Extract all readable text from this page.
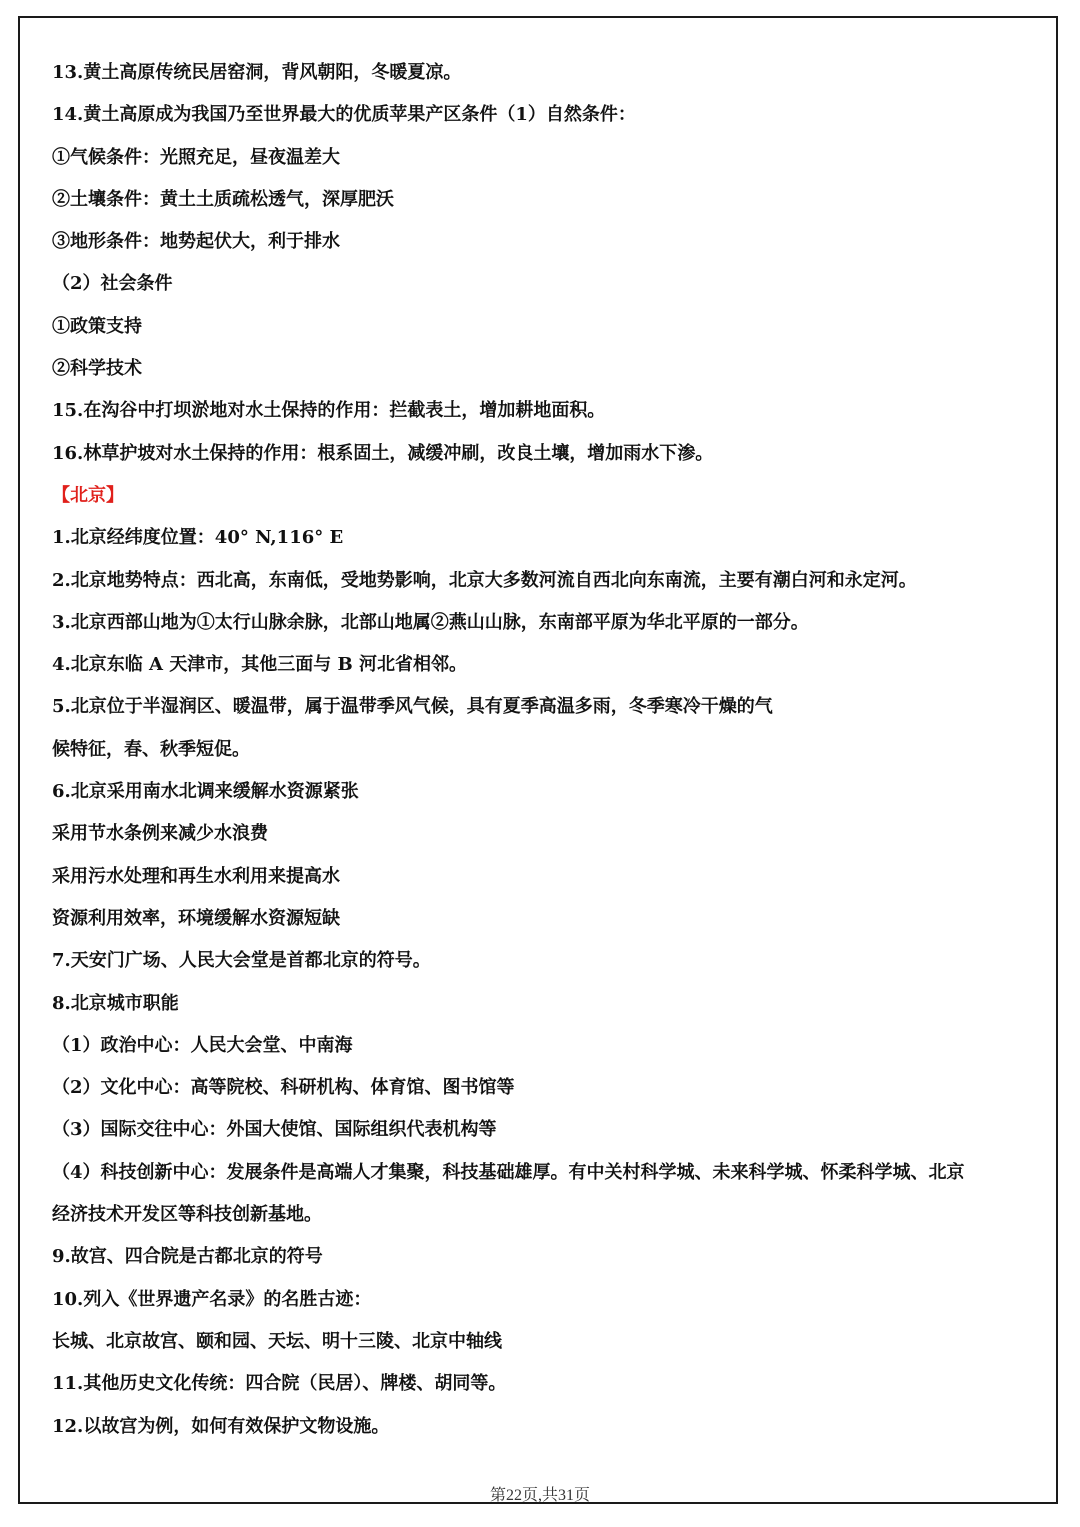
13.黄土高原传统民居窑洞，背风朝阳，冬暖夏凉。
14.黄土高原成为我国乃至世界最大的优质苹果产区条件（1）自然条件：
①气候条件：光照充足，昼夜温差大
②土壤条件：黄土土质疏松透气，深厚肥沃
③地形条件：地势起伏大，利于排水
（2）社会条件
①政策支持
②科学技术
15.在沟谷中打坝淤地对水土保持的作用：拦截表土，增加耕地面积。
16.林草护坡对水土保持的作用：根系固土，减缓冲刷，改良土壤，增加雨水下渗。
【北京】
1.北京经纬度位置：40° N,116° E
2.北京地势特点：西北高，东南低，受地势影响，北京大多数河流自西北向东南流，主要有潮白河和永定河。
3.北京西部山地为①太行山脉余脉，北部山地属②燕山山脉，东南部平原为华北平原的一部分。
4.北京东临 A 天津市，其他三面与 B 河北省相邻。
5.北京位于半湿润区、暖温带，属于温带季风气候，具有夏季高温多雨，冬季寒冷干燥的气
候特征，春、秋季短促。
6.北京采用南水北调来缓解水资源紧张
采用节水条例来减少水浪费
采用污水处理和再生水利用来提高水
资源利用效率，环境缓解水资源短缺
7.天安门广场、人民大会堂是首都北京的符号。
8.北京城市职能
（1）政治中心：人民大会堂、中南海
（2）文化中心：高等院校、科研机构、体育馆、图书馆等
（3）国际交往中心：外国大使馆、国际组织代表机构等
（4）科技创新中心：发展条件是高端人才集聚，科技基础雄厚。有中关村科学城、未来科学城、怀柔科学城、北京
经济技术开发区等科技创新基地。
9.故宫、四合院是古都北京的符号
10.列入《世界遗产名录》的名胜古迹：
长城、北京故宫、颐和园、天坛、明十三陵、北京中轴线
11.其他历史文化传统：四合院（民居）、牌楼、胡同等。
12.以故宫为例，如何有效保护文物设施。
第22页,共31页
